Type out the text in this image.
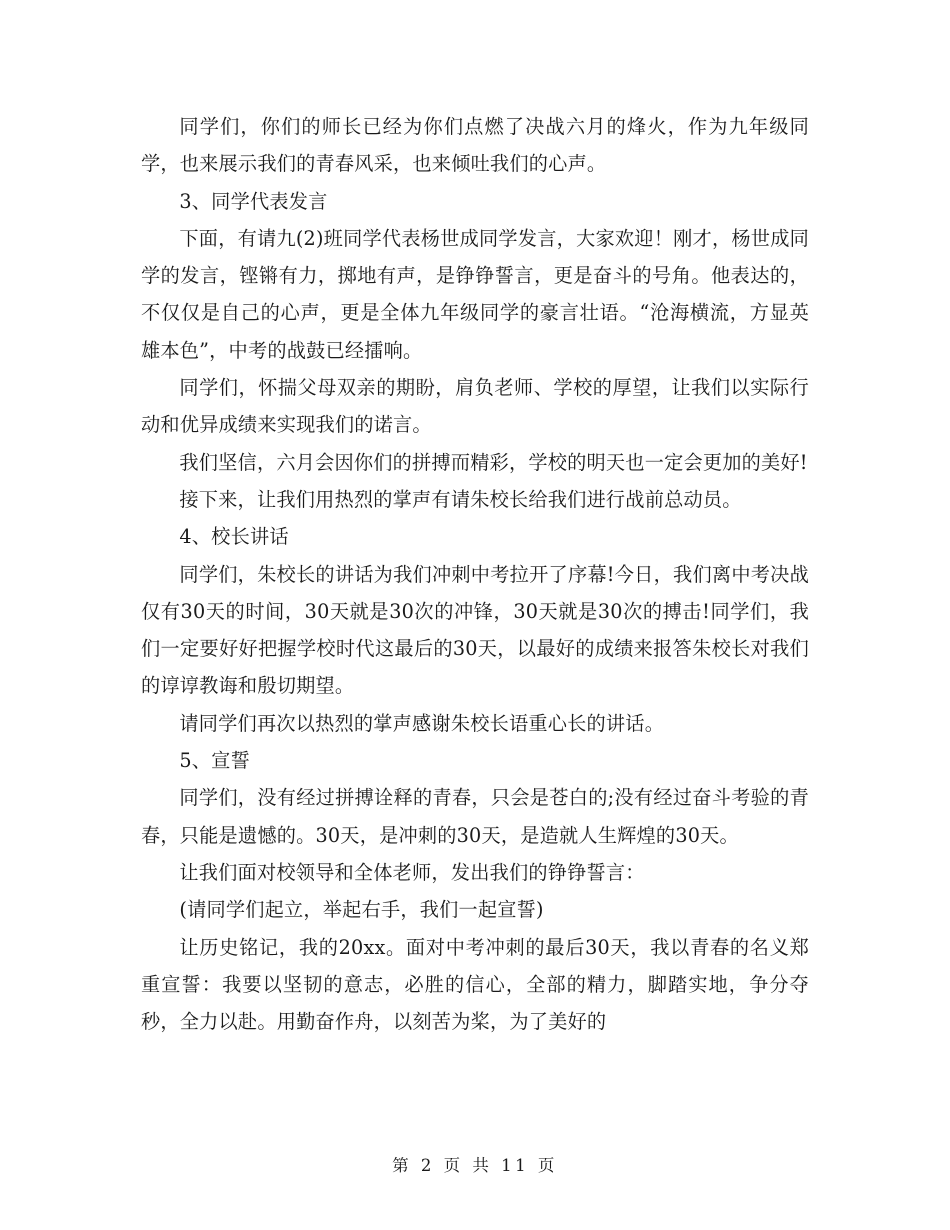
同学们，你们的师长已经为你们点燃了决战六月的烽火，作为九年级同学，也来展示我们的青春风采，也来倾吐我们的心声。

3、同学代表发言

下面，有请九(2)班同学代表杨世成同学发言，大家欢迎！刚才，杨世成同学的发言，铿锵有力，掷地有声，是铮铮誓言，更是奋斗的号角。他表达的，不仅仅是自己的心声，更是全体九年级同学的豪言壮语。“沧海横流，方显英雄本色”，中考的战鼓已经擂响。

同学们，怀揣父母双亲的期盼，肩负老师、学校的厚望，让我们以实际行动和优异成绩来实现我们的诺言。

我们坚信，六月会因你们的拼搏而精彩，学校的明天也一定会更加的美好!

接下来，让我们用热烈的掌声有请朱校长给我们进行战前总动员。

4、校长讲话

同学们，朱校长的讲话为我们冲刺中考拉开了序幕!今日，我们离中考决战仅有30天的时间，30天就是30次的冲锋，30天就是30次的搏击!同学们，我们一定要好好把握学校时代这最后的30天，以最好的成绩来报答朱校长对我们的谆谆教诲和殷切期望。

请同学们再次以热烈的掌声感谢朱校长语重心长的讲话。

5、宣誓

同学们，没有经过拼搏诠释的青春，只会是苍白的;没有经过奋斗考验的青春，只能是遗憾的。30天，是冲刺的30天，是造就人生辉煌的30天。

让我们面对校领导和全体老师，发出我们的铮铮誓言：

(请同学们起立，举起右手，我们一起宣誓)

让历史铭记，我的20xx。面对中考冲刺的最后30天，我以青春的名义郑重宣誓：我要以坚韧的意志，必胜的信心，全部的精力，脚踏实地，争分夺秒，全力以赴。用勤奋作舟，以刻苦为桨，为了美好的

第 2 页 共 11 页
